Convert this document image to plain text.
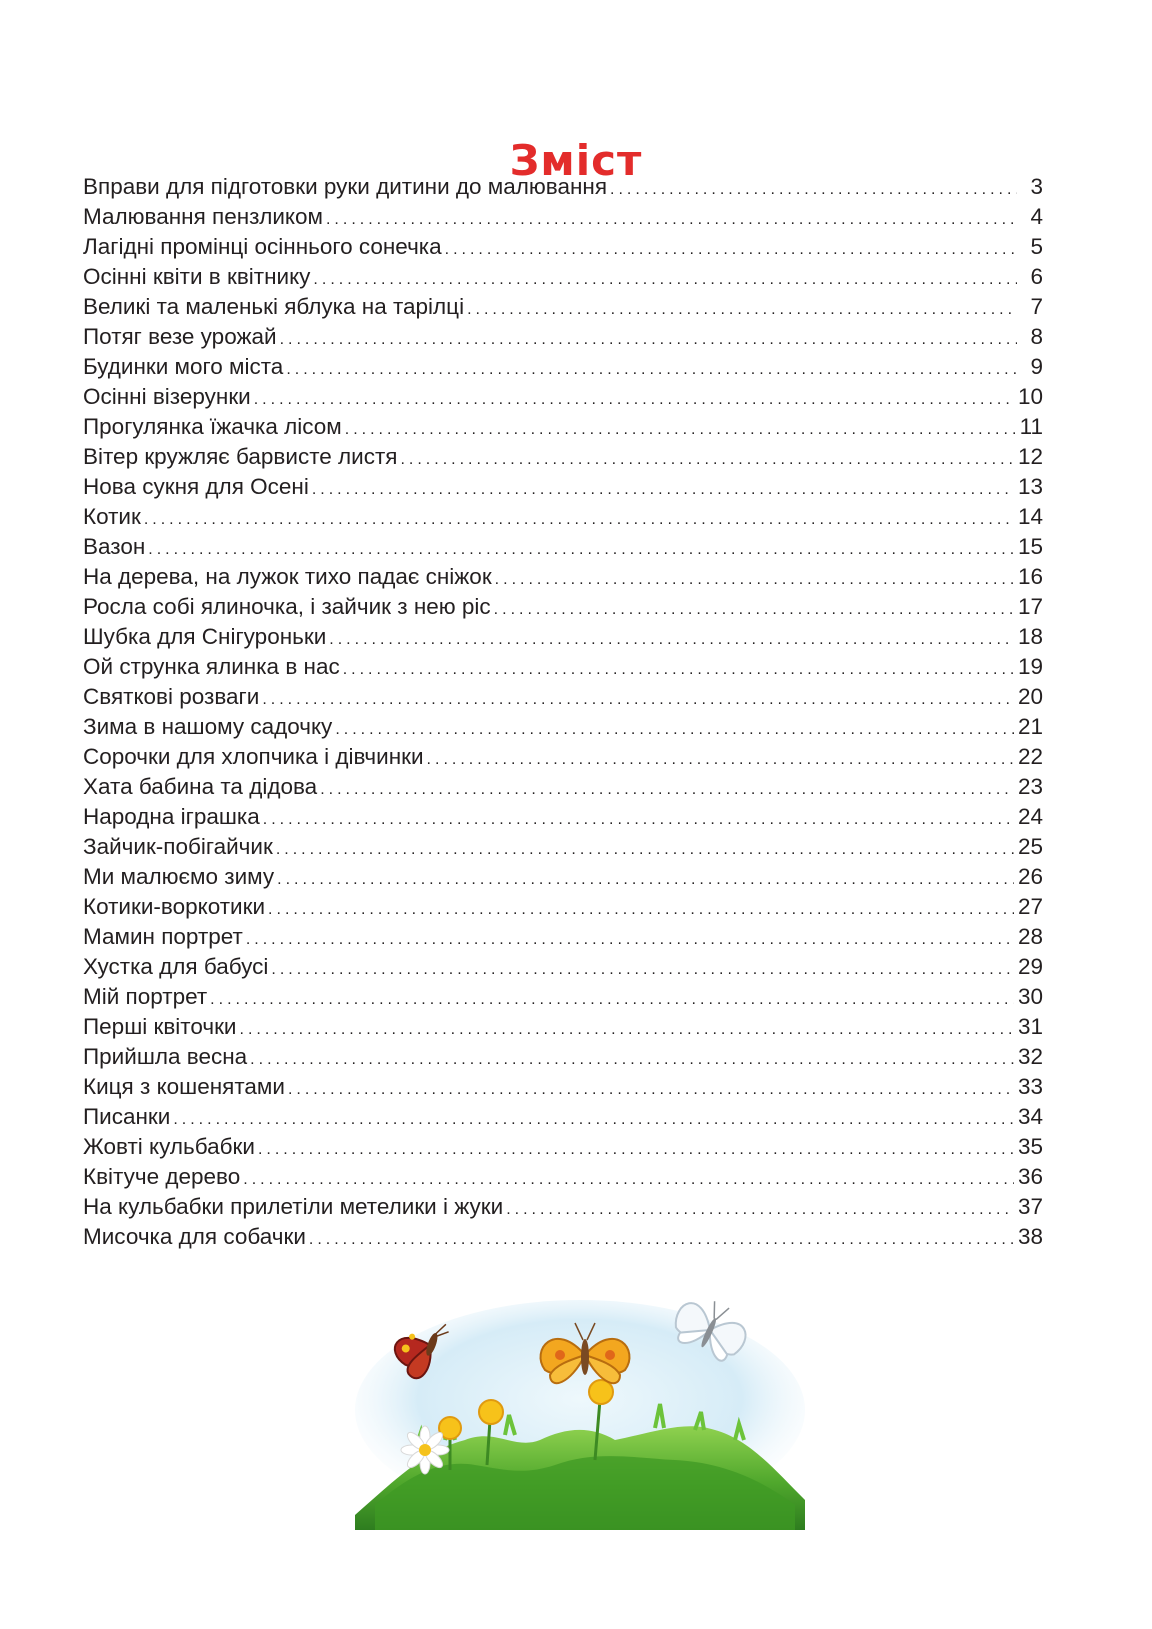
Зміст
Вправи для підготовки руки дитини до малювання .....	3
Малювання пензликом .....	4
Лагідні промінці осіннього сонечка .....	5
Осінні квіти в квітнику .....	6
Великі та маленькі яблука на тарілці .....	7
Потяг везе урожай .....	8
Будинки мого міста .....	9
Осінні візерунки .....	10
Прогулянка їжачка лісом .....	11
Вітер кружляє барвисте листя .....	12
Нова сукня для Осені .....	13
Котик .....	14
Вазон .....	15
На дерева, на лужок тихо падає сніжок .....	16
Росла собі ялиночка, і зайчик з нею ріс .....	17
Шубка для Снігуроньки .....	18
Ой струнка ялинка в нас .....	19
Святкові розваги .....	20
Зима в нашому садочку .....	21
Сорочки для хлопчика і дівчинки .....	22
Хата бабина та дідова .....	23
Народна іграшка .....	24
Зайчик-побігайчик .....	25
Ми малюємо зиму .....	26
Котики-воркотики .....	27
Мамин портрет .....	28
Хустка для бабусі .....	29
Мій портрет .....	30
Перші квіточки .....	31
Прийшла весна .....	32
Киця з кошенятами .....	33
Писанки .....	34
Жовті кульбабки .....	35
Квітуче дерево .....	36
На кульбабки прилетіли метелики і жуки .....	37
Мисочка для собачки .....	38
